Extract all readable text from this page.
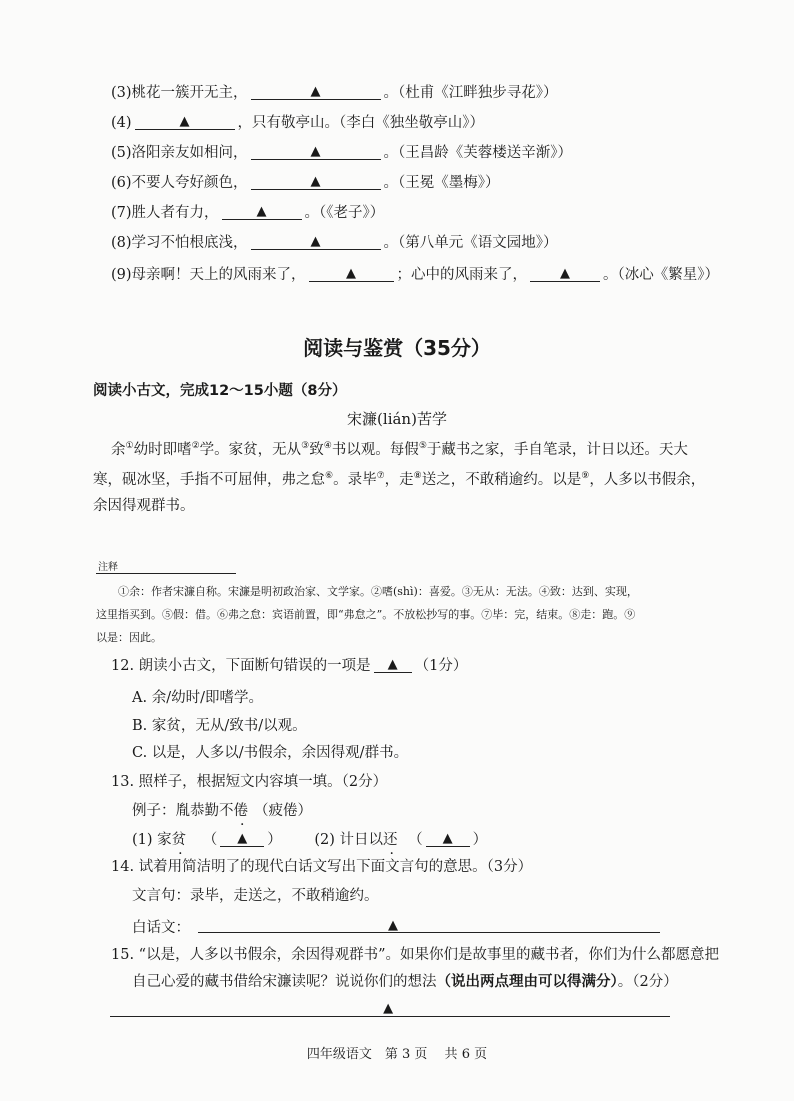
(3)桃花一簇开无主，	▲	。（杜甫《江畔独步寻花》）
(4)	▲	，只有敬亭山。（李白《独坐敬亭山》）
(5)洛阳亲友如相问，	▲	。（王昌龄《芙蓉楼送辛渐》）
(6)不要人夸好颜色，	▲	。（王冕《墨梅》）
(7)胜人者有力，	▲	。（《老子》）
(8)学习不怕根底浅，	▲	。（第八单元《语文园地》）
(9)母亲啊！天上的风雨来了，	▲	；心中的风雨来了，	▲ 。（冰心《繁星》）
阅读与鉴赏（35分）
阅读小古文，完成12～15小题（8分）
宋濂(lián)苦学
余①幼时即嗜②学。家贫，无从③致④书以观。每假⑤于藏书之家，手自笔录，计日以还。天大
寒，砚冰坚，手指不可屈伸，弗之怠⑥。录毕⑦，走⑧送之，不敢稍逾约。以是⑨，人多以书假余，
余因得观群书。
注释
①余：作者宋濂自称。宋濂是明初政治家、文学家。②嗜(shì)：喜爱。③无从：无法。④致：达到、实现，
这里指买到。⑤假：借。⑥弗之怠：宾语前置，即“弗怠之”。不放松抄写的事。⑦毕：完，结束。⑧走：跑。⑨
以是：因此。
12. 朗读小古文，下面断句错误的一项是 ▲ （1分）
A. 余/幼时/即嗜学。
B. 家贫，无从/致书/以观。
C. 以是，人多以/书假余，余因得观/群书。
13. 照样子，根据短文内容填一填。（2分）
例子：胤恭勤不倦 （疲倦）
(1) 家贫 （ ▲ ） (2) 计日以还 （ ▲ ）
14. 试着用简洁明了的现代白话文写出下面文言句的意思。（3分）
文言句：录毕，走送之，不敢稍逾约。
白话文：	$_▲$
15. “以是，人多以书假余，余因得观群书”。如果你们是故事里的藏书者，你们为什么都愿意把
自己心爱的藏书借给宋濂读呢？说说你们的想法（说出两点理由可以得满分）。（2分）
$_▲$
四年级语文　第 3 页　 共 6 页
